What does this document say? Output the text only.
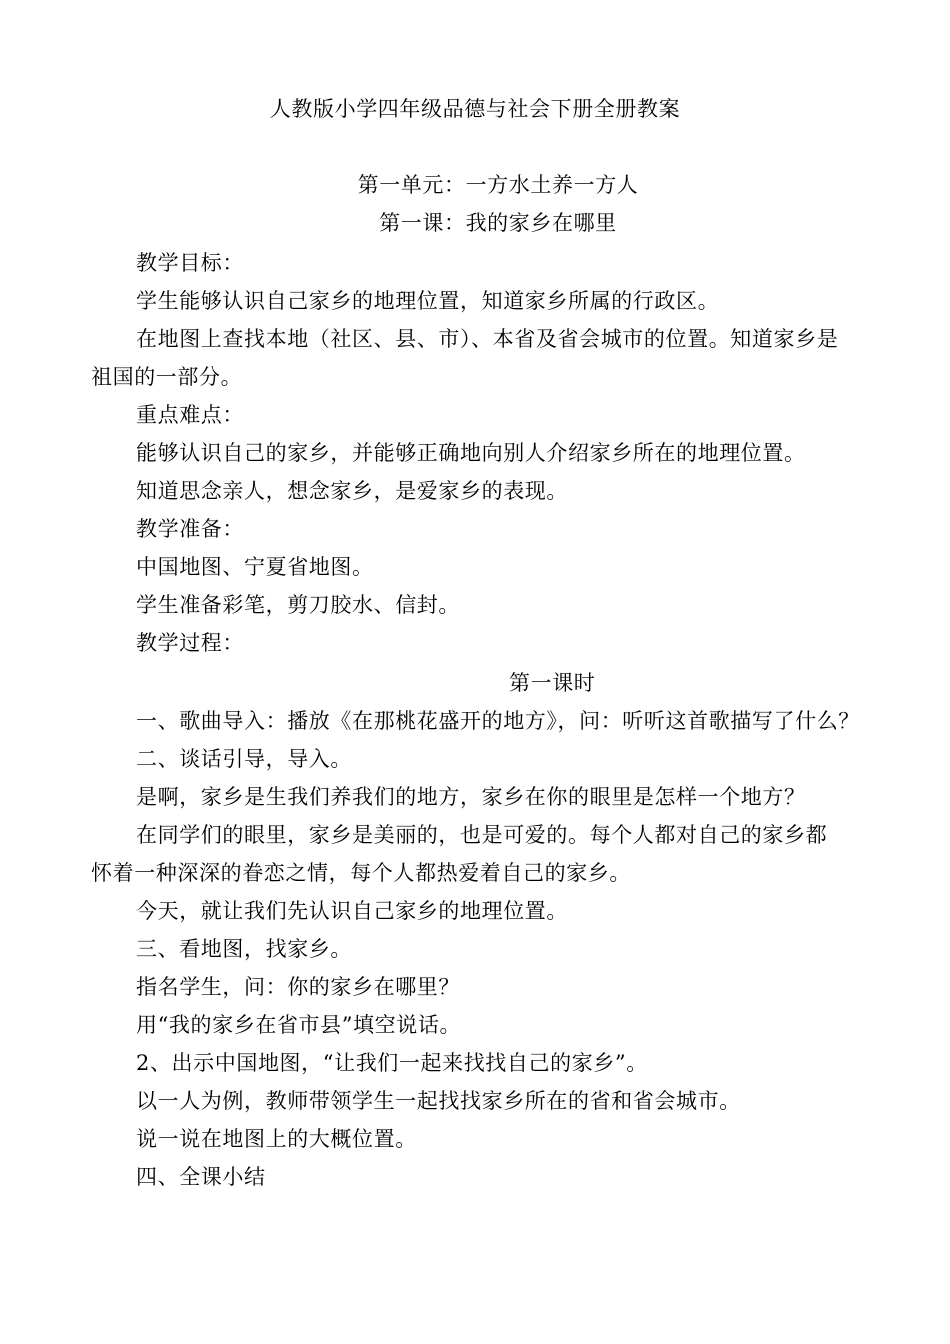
人教版小学四年级品德与社会下册全册教案
第一单元：一方水土养一方人
第一课：我的家乡在哪里
教学目标：
学生能够认识自己家乡的地理位置，知道家乡所属的行政区。
在地图上查找本地（社区、县、市）、本省及省会城市的位置。知道家乡是
祖国的一部分。
重点难点：
能够认识自己的家乡，并能够正确地向别人介绍家乡所在的地理位置。
知道思念亲人，想念家乡，是爱家乡的表现。
教学准备：
中国地图、宁夏省地图。
学生准备彩笔，剪刀胶水、信封。
教学过程：
第一课时
一、歌曲导入：播放《在那桃花盛开的地方》，问：听听这首歌描写了什么？
二、谈话引导，导入。
是啊，家乡是生我们养我们的地方，家乡在你的眼里是怎样一个地方？
在同学们的眼里，家乡是美丽的，也是可爱的。每个人都对自己的家乡都
怀着一种深深的眷恋之情，每个人都热爱着自己的家乡。
今天，就让我们先认识自己家乡的地理位置。
三、看地图，找家乡。
指名学生，问：你的家乡在哪里？
用“我的家乡在省市县”填空说话。
2、出示中国地图，“让我们一起来找找自己的家乡”。
以一人为例，教师带领学生一起找找家乡所在的省和省会城市。
说一说在地图上的大概位置。
四、全课小结
